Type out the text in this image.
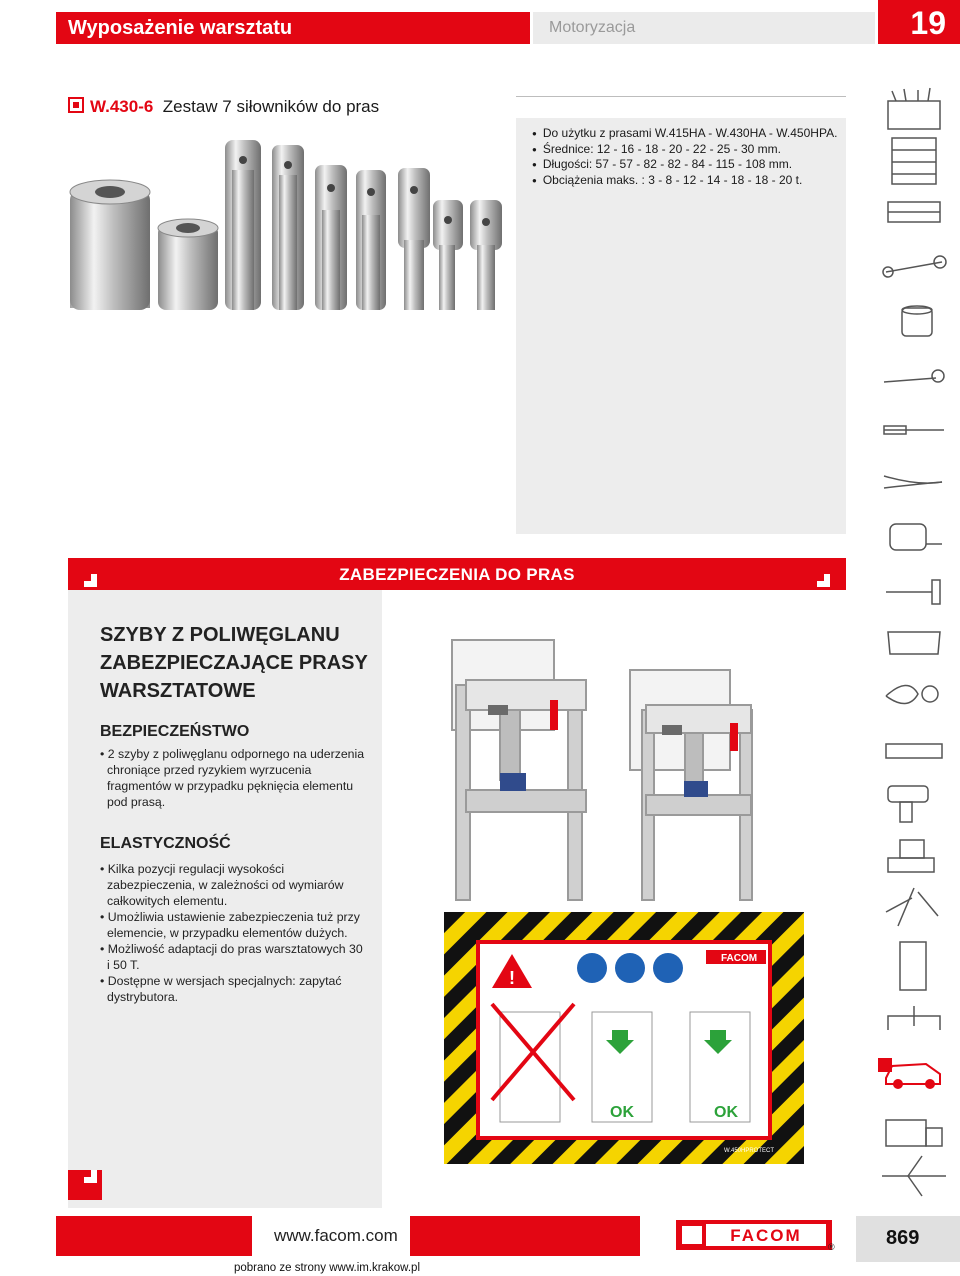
Wyposażenie warsztatu	Motoryzacja	19
W.430-6 Zestaw 7 siłowników do pras
● Do użytku z prasami W.415HA - W.430HA - W.450HPA.
● Średnice: 12 - 16 - 18 - 20 - 22 - 25 - 30 mm.
● Długości: 57 - 57 - 82 - 82 - 84 - 115 - 108 mm.
● Obciążenia maks. : 3 - 8 - 12 - 14 - 18 - 18 - 20 t.
ZABEZPIECZENIA DO PRAS
SZYBY Z POLIWĘGLANU ZABEZPIECZAJĄCE PRASY WARSZTATOWE
BEZPIECZEŃSTWO
• 2 szyby z poliwęglanu odpornego na uderzenia chroniące przed ryzykiem wyrzucenia fragmentów w przypadku pęknięcia elementu pod prasą.
ELASTYCZNOŚĆ
• Kilka pozycji regulacji wysokości zabezpieczenia, w zależności od wymiarów całkowitych elementu.
• Umożliwia ustawienie zabezpieczenia tuż przy elemencie, w przypadku elementów dużych.
• Możliwość adaptacji do pras warsztatowych 30 i 50 T.
• Dostępne w wersjach specjalnych: zapytać dystrybutora.
!
FACOM
OK	OK
W.450HPROTECT
www.facom.com	FACOM
®	869
pobrano ze strony www.im.krakow.pl
